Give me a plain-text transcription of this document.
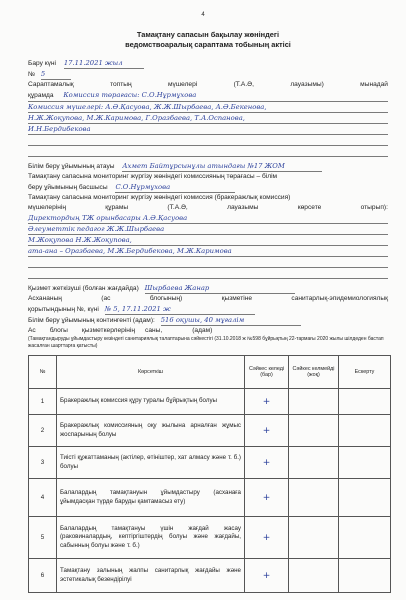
4
Тамақтану сапасын бақылау жөніндегі
ведомствоаралық сараптама тобының актісі
Бару күні 17.11.2021 жыл
№ 5
Сараптамалық	топтың	мүшелері	(Т.А.Ә,	лауазымы)	мынадай
құрамда Комиссия төрағасы: С.О.Нұрмұхова
Комиссия мүшелері: А.Ә.Қасуова, Ж.Ж.Шырбаева, А.Ә.Бекенова,
Н.Ж.Жоқупова, М.Ж.Каримова, Г.Оразбаева, Т.А.Оспанова,
И.Н.Бердибекова

Білім беру ұйымының атауы Ахмет Байтұрсынұлы атындағы №17 ЖОМ
Тамақтану сапасына мониторинг жүргізу жөніндегі комиссияның төрағасы – білім
беру ұйымының басшысы С.О.Нұрмұхова
Тамақтану сапасына мониторинг жүргізу жөніндегі комиссия (бракеражлық комиссия)
мүшелерінің	құрамы	(Т.А.Ә,	лауазымы	көрсете	отырып):
Директордың ТЖ орынбасары А.Ә.Қасуова
Әлеуметтік педагог Ж.Ж.Шырбаева
М.Жоқупова Н.Ж.Жоқупова,
ата-ана – Оразбаева, М.Ж.Бердибекова, М.Ж.Каримова

Қызмет жеткізуші (болған жағдайда) Шырбаева Жанар
Асхананың	(ас	блогының)	қызметіне	санитарлық-эпидемиологиялық
қорытындының №, күні № 5, 17.11.2021 ж
Білім беру ұйымының контингенті (адам): 516 оқушы, 40 мұғалім
Ас блогы қызметкерлерінің саны,	(адам)
(Тамақтандыруды ұйымдастыру кезіндегі санитариялық талаптарына сәйкестігі (31.10.2018 ж №598 бұйрықтың 22-тармағы 2020 жылы шілдеден бастап жасалған шарттарға қатысты)
№	Көрсеткіш	Сәйкес келеді (бар)	Сәйкес келмейді (жоқ)	Ескерту
1	Бракеражлық комиссия құру туралы бұйрықтың болуы	+		
2	Бракеражлық комиссияның оқу жылына арналған жұмыс жоспарының болуы	+		
3	Тиісті құжаттаманың (актілер, өтініштер, хат алмасу және т. б.) болуы	+		
4	Балалардың тамақтануын ұйымдастыру (асханаға ұйымдасқан түрде баруды қамтамасыз ету)	+		
5	Балалардың тамақтануы үшін жағдай жасау (раковиналардың, кептіргіштердің болуы және жағдайы, сабынның болуы және т. б.)	+		
6	Тамақтану залының жалпы санитарлық жағдайы және эстетикалық безендірілуі	+		
